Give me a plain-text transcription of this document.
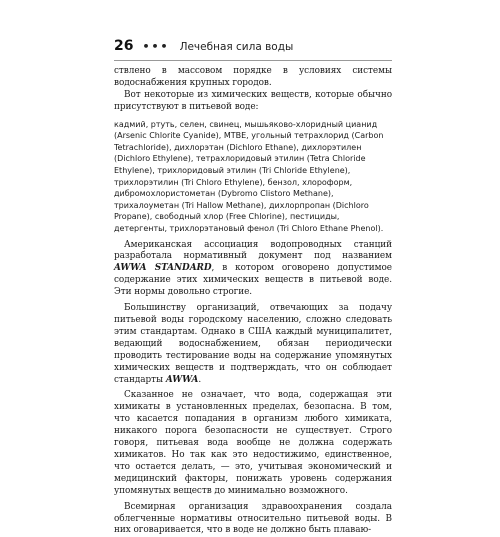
26 ••• Лечебная сила воды

ствлено в массовом порядке в условиях системы водоснабжения крупных городов.

Вот некоторые из химических веществ, которые обычно присутствуют в питьевой воде:

кадмий, ртуть, селен, свинец, мышьяково-хлоридный цианид (Arsenic Chlorite Cyanide), МТВЕ, угольный тетрахлорид (Carbon Tetrachloride), дихлорэтан (Dichloro Ethane), дихлорэтилен (Dichloro Ethylene), тетрахлоридовый этилин (Tetra Chloride Ethylene), трихлоридовый этилин (Tri Chloride Ethylene), трихлорэтилин (Tri Chloro Ethylene), бензол, хлороформ, дибромохлористометан (Dybromo Clistoro Methane), трихалоуметан (Tri Hallow Methane), дихлорпропан (Dichloro Propane), свободный хлор (Free Chlorine), пестициды, детергенты, трихлорэтановый фенол (Tri Chloro Ethane Phenol).

Американская ассоциация водопроводных станций разработала нормативный документ под названием AWWA STANDARD, в котором оговорено допустимое содержание этих химических веществ в питьевой воде. Эти нормы довольно строгие.

Большинству организаций, отвечающих за подачу питьевой воды городскому населению, сложно следовать этим стандартам. Однако в США каждый муниципалитет, ведающий водоснабжением, обязан периодически проводить тестирование воды на содержание упомянутых химических веществ и подтверждать, что он соблюдает стандарты AWWA.

Сказанное не означает, что вода, содержащая эти химикаты в установленных пределах, безопасна. В том, что касается попадания в организм любого химиката, никакого порога безопасности не существует. Строго говоря, питьевая вода вообще не должна содержать химикатов. Но так как это недостижимо, единственное, что остается делать, — это, учитывая экономический и медицинский факторы, понижать уровень содержания упомянутых веществ до минимально возможного.

Всемирная организация здравоохранения создала облегченные нормативы относительно питьевой воды. В них оговаривается, что в воде не должно быть плаваю-
